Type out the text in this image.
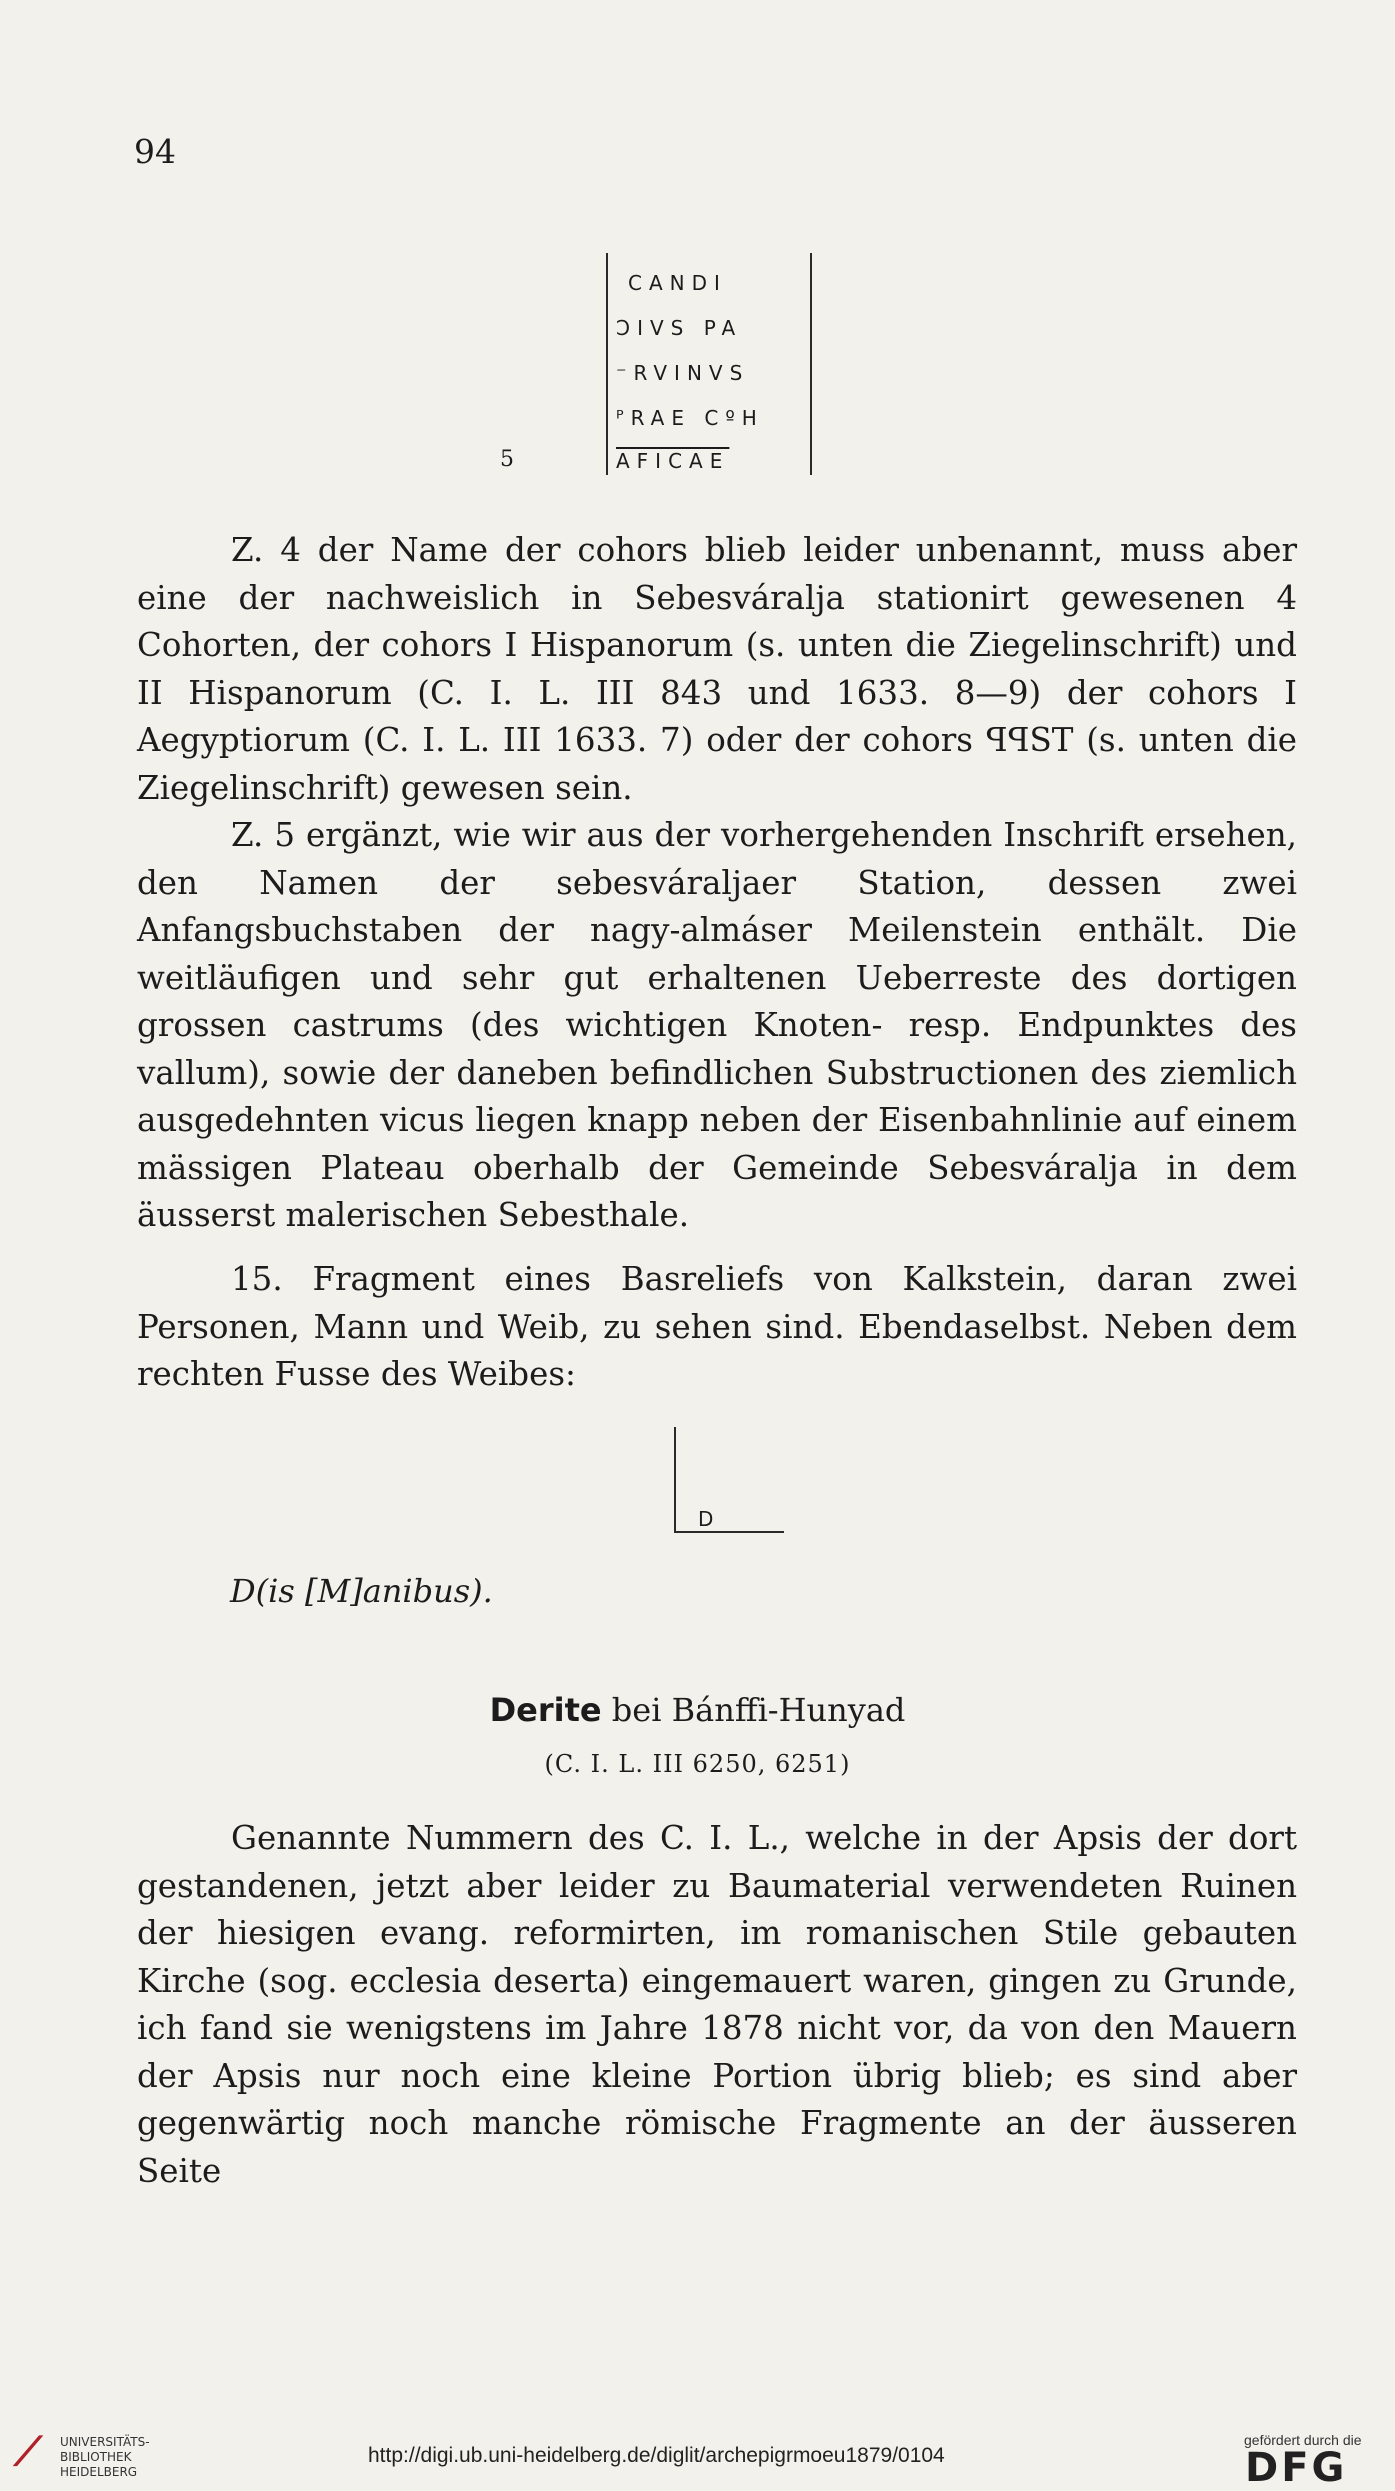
94
CANDI
ƆIVS PA
⁻RVINVS
ᴾRAE CºH
AFICAE
5

Z. 4 der Name der cohors blieb leider unbenannt, muss aber eine der nachweislich in Sebesváralja stationirt gewesenen 4 Cohorten, der cohors I Hispanorum (s. unten die Ziegelinschrift) und II Hispanorum (C. I. L. III 843 und 1633. 8—9) der cohors I Aegyptiorum (C. I. L. III 1633. 7) oder der cohors ꟼꟼST (s. unten die Ziegelinschrift) gewesen sein.

Z. 5 ergänzt, wie wir aus der vorhergehenden Inschrift ersehen, den Namen der sebesváraljaer Station, dessen zwei Anfangsbuchstaben der nagy-almáser Meilenstein enthält. Die weitläufigen und sehr gut erhaltenen Ueberreste des dortigen grossen castrums (des wichtigen Knoten- resp. Endpunktes des vallum), sowie der daneben befindlichen Substructionen des ziemlich ausgedehnten vicus liegen knapp neben der Eisenbahnlinie auf einem mässigen Plateau oberhalb der Gemeinde Sebesváralja in dem äusserst malerischen Sebesthale.

15. Fragment eines Basreliefs von Kalkstein, daran zwei Personen, Mann und Weib, zu sehen sind. Ebendaselbst. Neben dem rechten Fusse des Weibes:

D
D(is [M]anibus).
Derite bei Bánffi-Hunyad
(C. I. L. III 6250, 6251)

Genannte Nummern des C. I. L., welche in der Apsis der dort gestandenen, jetzt aber leider zu Baumaterial verwendeten Ruinen der hiesigen evang. reformirten, im romanischen Stile gebauten Kirche (sog. ecclesia deserta) eingemauert waren, gingen zu Grunde, ich fand sie wenigstens im Jahre 1878 nicht vor, da von den Mauern der Apsis nur noch eine kleine Portion übrig blieb; es sind aber gegenwärtig noch manche römische Fragmente an der äusseren Seite

⟋	UNIVERSITÄTS-
BIBLIOTHEK
HEIDELBERG
http://digi.ub.uni-heidelberg.de/diglit/archepigrmoeu1879/0104
gefördert durch die
DFG
